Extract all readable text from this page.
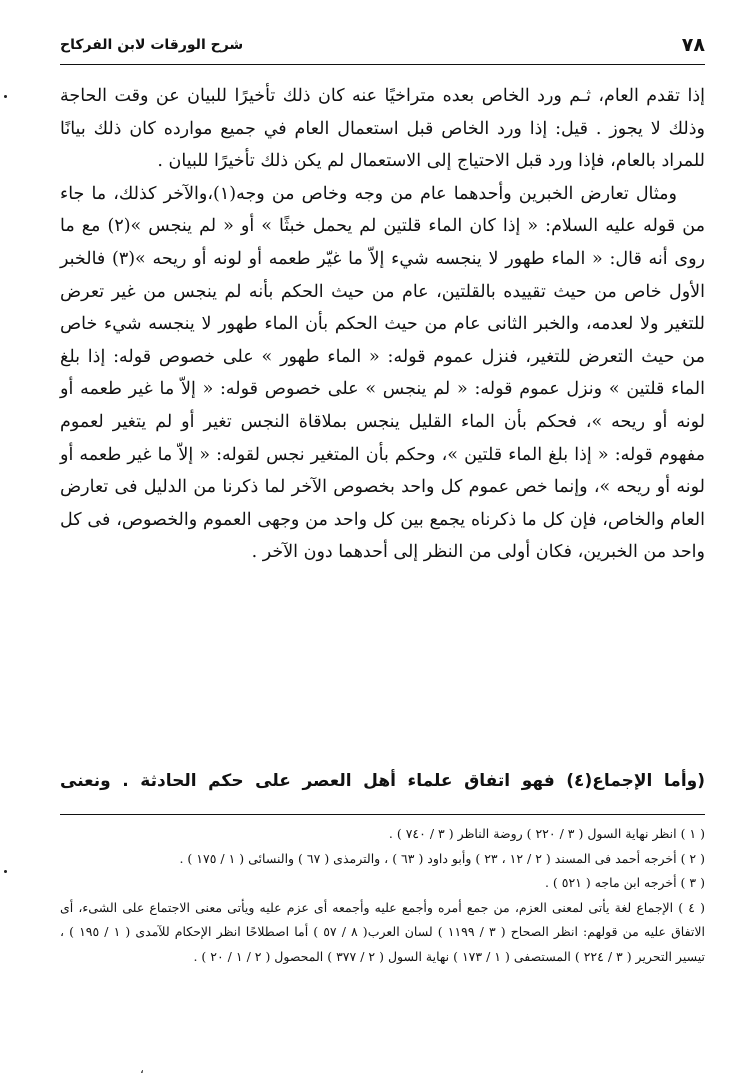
٧٨
شرح الورقات لابن الفركاح

إذا تقدم العام، ثـم ورد الخاص بعده متراخيًا عنه كان ذلك تأخيرًا للبيان عن وقت الحاجة وذلك لا يجوز . قيل: إذا ورد الخاص قبل استعمال العام في جميع موارده كان ذلك بيانًا للمراد بالعام، فإذا ورد قبل الاحتياج إلى الاستعمال لم يكن ذلك تأخيرًا للبيان .

ومثال تعارض الخبرين وأحدهما عام من وجه وخاص من وجه(١)،والآخر كذلك، ما جاء من قوله عليه السلام: « إذا كان الماء قلتين لم يحمل خبثًا » أو « لم ينجس »(٢) مع ما روى أنه قال: « الماء طهور لا ينجسه شيء إلاّ ما غيّر طعمه أو لونه أو ريحه »(٣) فالخبر الأول خاص من حيث تقييده بالقلتين، عام من حيث الحكم بأنه لم ينجس من غير تعرض للتغير ولا لعدمه، والخبر الثانى عام من حيث الحكم بأن الماء طهور لا ينجسه شيء خاص من حيث التعرض للتغير، فنزل عموم قوله: « الماء طهور » على خصوص قوله: إذا بلغ الماء قلتين » ونزل عموم قوله: « لم ينجس » على خصوص قوله: « إلاّ ما غير طعمه أو لونه أو ريحه »، فحكم بأن الماء القليل ينجس بملاقاة النجس تغير أو لم يتغير لعموم مفهوم قوله: « إذا بلغ الماء قلتين »، وحكم بأن المتغير نجس لقوله: « إلاّ ما غير طعمه أو لونه أو ريحه »، وإنما خص عموم كل واحد بخصوص الآخر لما ذكرنا من الدليل فى تعارض العام والخاص، فإن كل ما ذكرناه يجمع بين كل واحد من وجهى العموم والخصوص، فى كل واحد من الخبرين، فكان أولى من النظر إلى أحدهما دون الآخر .

(وأما الإجماع(٤) فهو اتفاق علماء أهل العصر على حكم الحادثة . ونعنى

( ١ ) انظر نهاية السول ( ٣ / ٢٢٠ ) روضة الناظر ( ٣ / ٧٤٠ ) .

( ٢ ) أخرجه أحمد فى المسند ( ٢ / ١٢ ، ٢٣ ) وأبو داود ( ٦٣ ) ، والترمذى ( ٦٧ ) والنسائى ( ١ / ١٧٥ ) .

( ٣ ) أخرجه ابن ماجه ( ٥٢١ ) .

( ٤ ) الإجماع لغة يأتى لمعنى العزم، من جمع أمره وأجمع عليه وأجمعه أى عزم عليه ويأتى معنى الاجتماع على الشىء، أى الاتفاق عليه من قولهم: انظر الصحاح ( ٣ / ١١٩٩ ) لسان العرب( ٨ / ٥٧ ) أما اصطلاحًا انظر الإحكام للآمدى ( ١ / ١٩٥ ) ، تيسير التحرير ( ٣ / ٢٢٤ ) المستصفى ( ١ / ١٧٣ ) نهاية السول ( ٢ / ٣٧٧ ) المحصول ( ٢ / ١ / ٢٠ ) .

،
